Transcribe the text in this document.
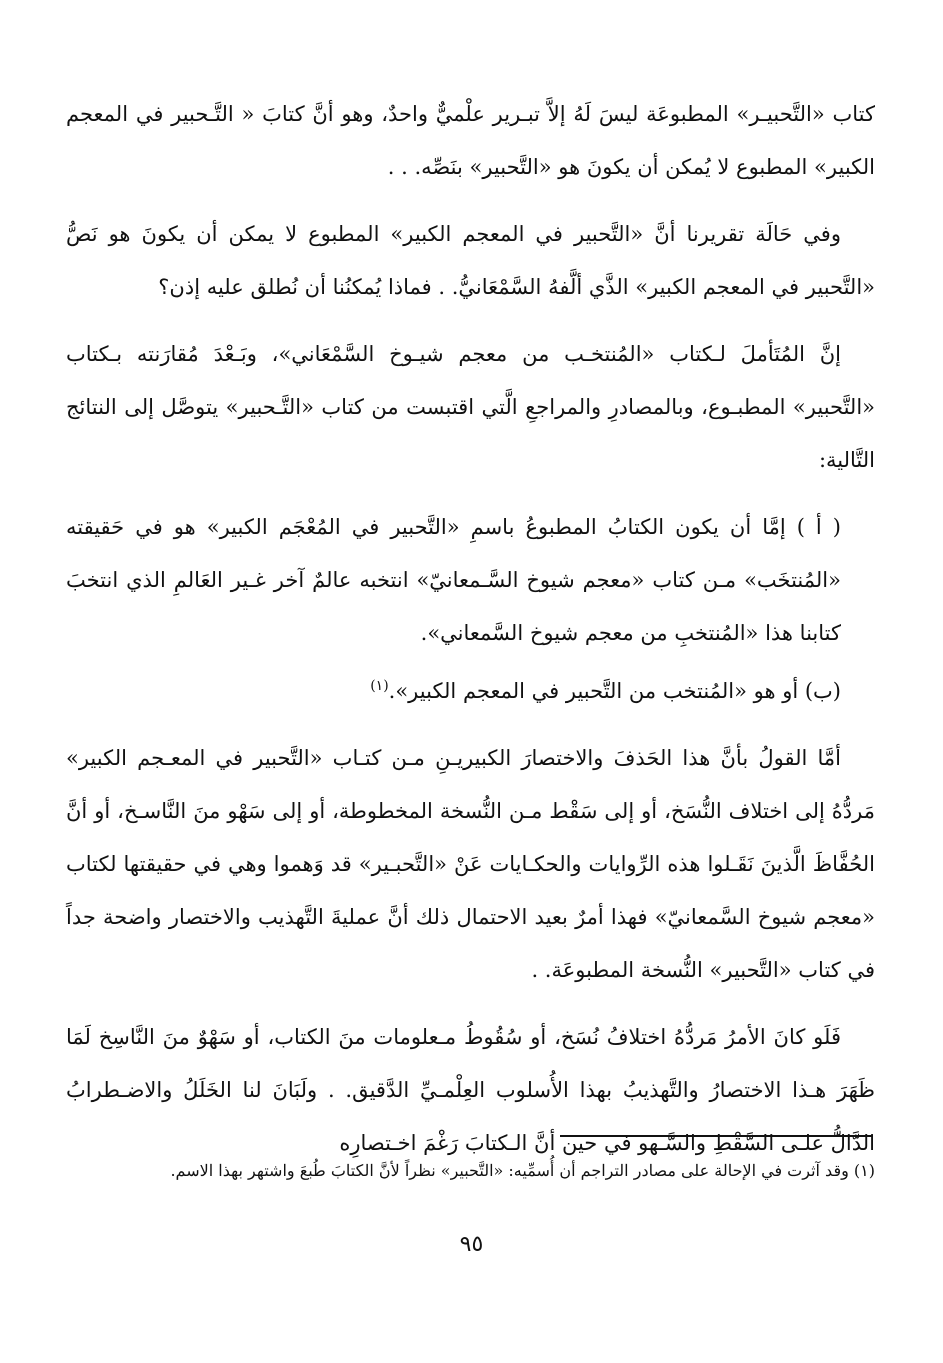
كتاب «التَّحبيـر» المطبوعَة ليسَ لَهُ إلاَّ تبـرير علْميٌّ واحدٌ، وهو أنَّ كتابَ « التَّـحبير في المعجم الكبير» المطبوع لا يُمكن أن يكونَ هو «التَّحبير» بنَصِّه. . .

وفي حَالَة تقريرنا أنَّ «التَّحبير في المعجم الكبير» المطبوع لا يمكن أن يكونَ هو نَصُّ «التَّحبير في المعجم الكبير» الذَّي ألَّفهُ السَّمْعَانيُّ. . فماذا يُمكنُنا أن نُطلق عليه إذن؟

إنَّ المُتَأملَ لـكتاب «المُنتخـب من معجم شيـوخ السَّمْعَاني»، وبَـعْدَ مُقارَنته بـكتاب «التَّحبير» المطبـوع، وبالمصادرِ والمراجعِ الَّتي اقتبست من كتاب «التَّـحبير» يتوصَّل إلى النتائج التَّالية:

( أ ) إمَّا أن يكون الكتابُ المطبوعُ باسمِ «التَّحبير في المُعْجَم الكبير» هو في حَقيقته «المُنتخَب» مـن كتاب «معجم شيوخ السَّـمعانيّ» انتخبه عالمٌ آخر غـير العَالمِ الذي انتخبَ كتابنا هذا «المُنتخبِ من معجم شيوخ السَّمعاني».

(ب) أو هو «المُنتخب من التَّحبير في المعجم الكبير».$^{(١)}$

أمَّا القولُ بأنَّ هذا الحَذفَ والاختصارَ الكبيريـنِ مـن كتـاب «التَّحبير في المعـجم الكبير» مَردُّهُ إلى اختلاف النُّسَخ، أو إلى سَقْط مـن النُّسخة المخطوطة، أو إلى سَهْو منَ النَّاسـخ، أو أنَّ الحُفَّاظَ الَّذينَ نَقَـلوا هذه الرِّوايات والحكـايات عَنْ «التَّحبـير» قد وَهموا وهي في حقيقتها لكتاب «معجم شيوخ السَّمعانيّ» فهذا أمرٌ بعيد الاحتمال ذلك أنَّ عمليةَ التَّهذيب والاختصار واضحة جداً في كتاب «التَّحبير» النُّسخة المطبوعَة. .

فَلَو كانَ الأمرُ مَردُّهُ اختلافُ نُسَخ، أو سُقُوطُ مـعلومات منَ الكتاب، أو سَهْوٌ منَ النَّاسِخ لَمَا ظَهَرَ هـذا الاختصارُ والتَّهذيبُ بهذا الأُسلوب العِلْمـيِّ الدَّقيق. . ولَبَانَ لنا الخَلَلُ والاضـطرابُ الدَّالُّ علـى السَّقْطِ والسَّـهو في حين أنَّ الـكتابَ رَغْمَ اخـتصارِه

(١) وقد آثرت في الإحالة على مصادر التراجم أن أُسمِّيه: «التَّحبير» نظراً لأنَّ الكتابَ طُبعَ واشتهر بهذا الاسم.
٩٥
